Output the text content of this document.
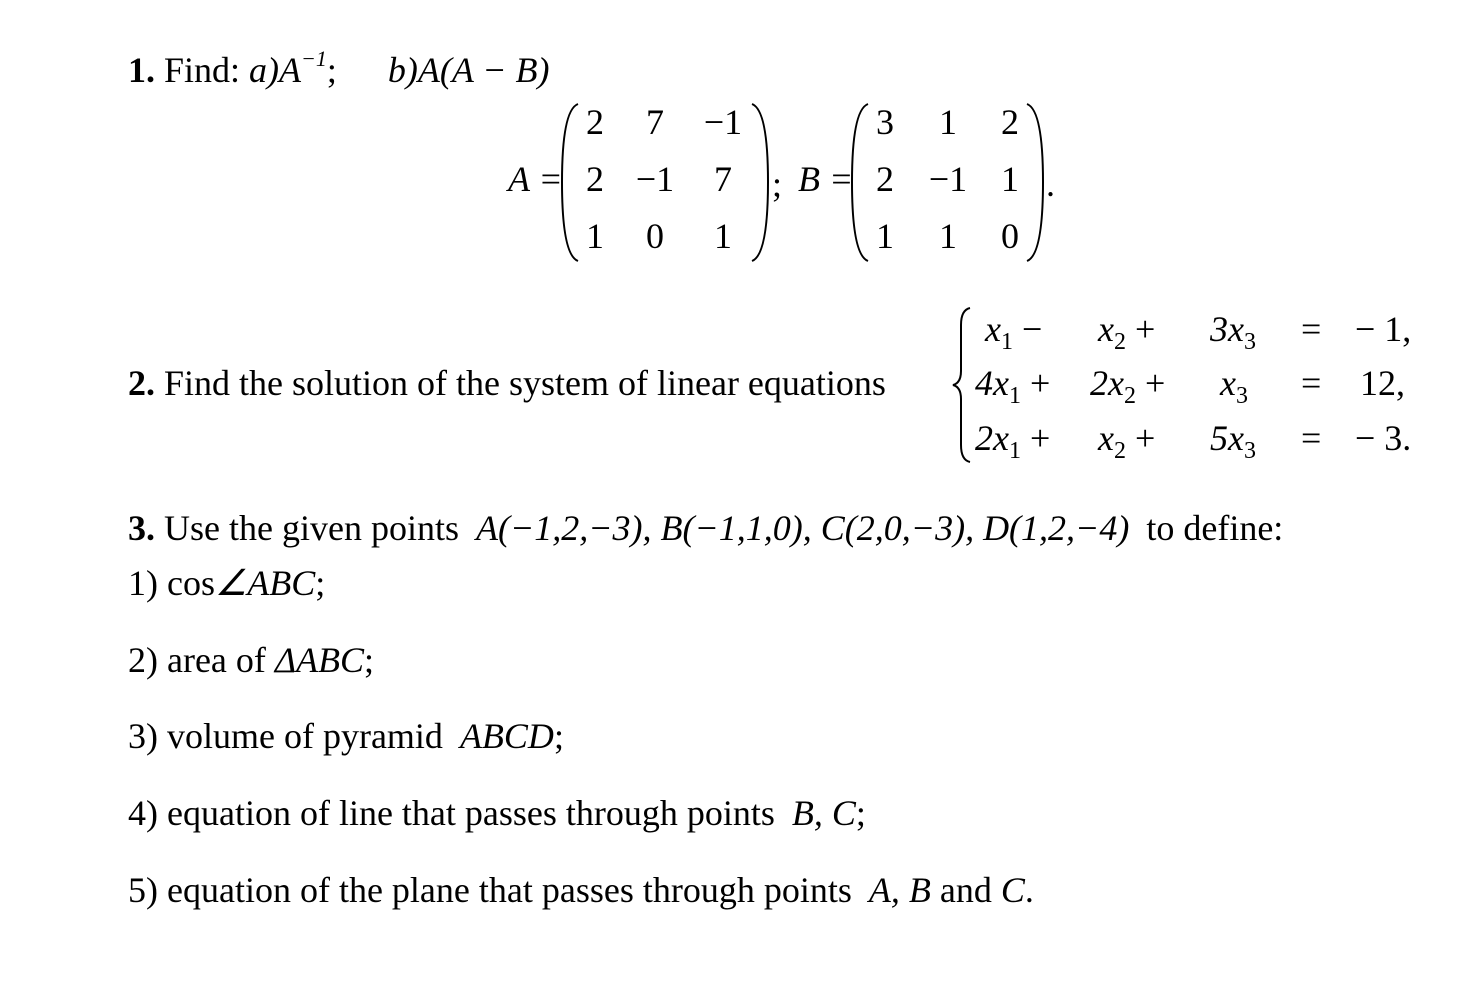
1. Find: $a)A^{-1}$; b)A(A − B)
A =
2	7	−1
2 −1	7
1	0	1
; B =
3	1	2
2 −1 1
1	1	0
.
2. Find the solution of the system of linear equations
$x_1 - x_2 + 3x_3$ = − 1,
$4x_1 + 2x_2 + x_3 = 12$,
$2x_1 + x_2 + 5x_3$ = − 3.
3. Use the given points A(−1,2,−3), B(−1,1,0), C(2,0,−3), D(1,2,−4) to define:
1) cos∠ABC;
2) area of ΔABC;
3) volume of pyramid ABCD;
4) equation of line that passes through points B, C;
5) equation of the plane that passes through points A, B and C.
